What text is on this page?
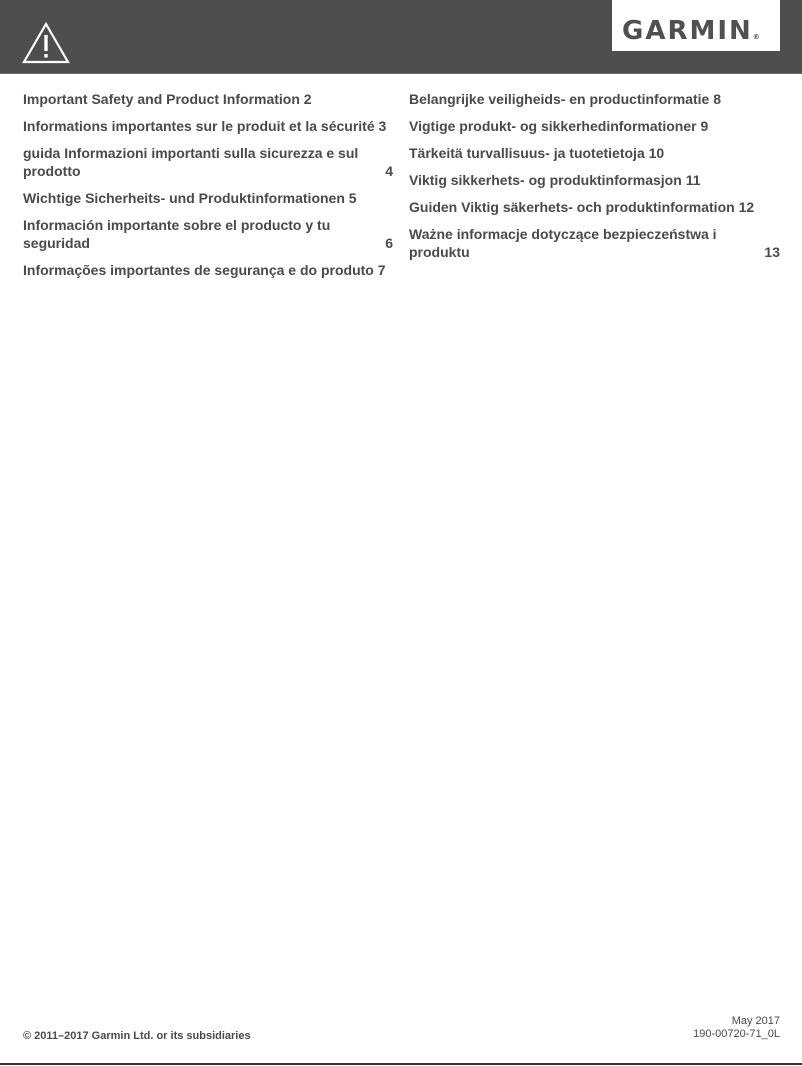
GARMIN®
Important Safety and Product Information 2
Informations importantes sur le produit et la sécurité 3
guida Informazioni importanti sulla sicurezza e sul prodotto	4
Wichtige Sicherheits- und Produktinformationen 5
Información importante sobre el producto y tu seguridad	6
Informações importantes de segurança e do produto 7
Belangrijke veiligheids- en productinformatie 8
Vigtige produkt- og sikkerhedinformationer 9
Tärkeitä turvallisuus- ja tuotetietoja 10
Viktig sikkerhets- og produktinformasjon 11
Guiden Viktig säkerhets- och produktinformation 12
Ważne informacje dotyczące bezpieczeństwa i produktu	13
© 2011–2017 Garmin Ltd. or its subsidiaries
May 2017
190-00720-71_0L
